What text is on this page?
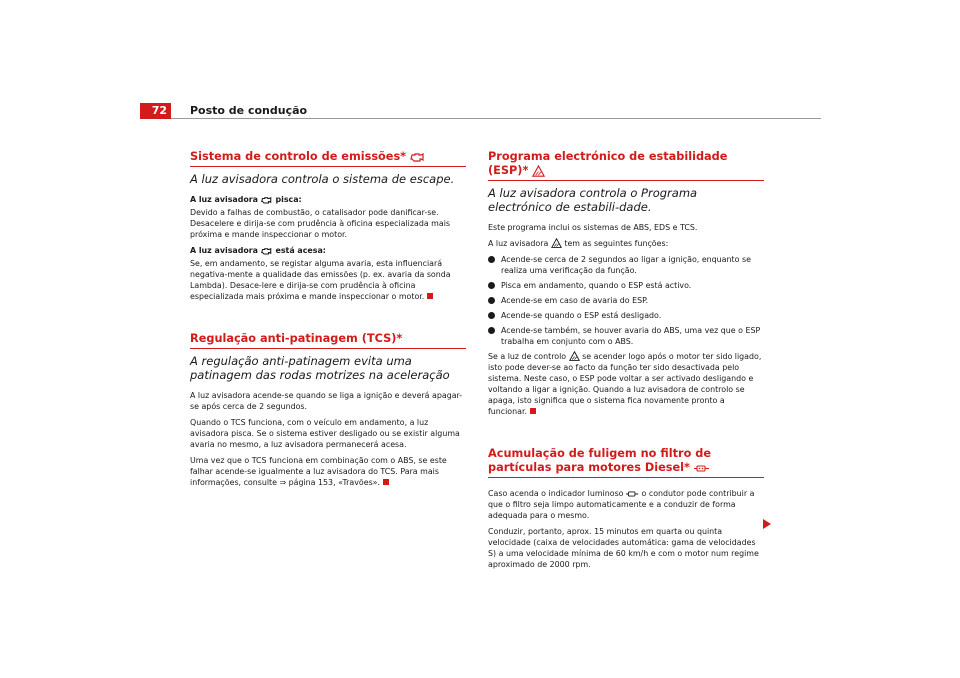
72	Posto de condução
Sistema de controlo de emissões*
A luz avisadora controla o sistema de escape.

A luz avisadora pisca:

Devido a falhas de combustão, o catalisador pode danificar-se. Desacelere e dirija-se com prudência à oficina especializada mais próxima e mande inspeccionar o motor.

A luz avisadora está acesa:

Se, em andamento, se registar alguma avaria, esta influenciará negativa-mente a qualidade das emissões (p. ex. avaria da sonda Lambda). Desace-lere e dirija-se com prudência à oficina especializada mais próxima e mande inspeccionar o motor.

Regulação anti-patinagem (TCS)*
A regulação anti-patinagem evita uma patinagem das rodas motrizes na aceleração

A luz avisadora acende-se quando se liga a ignição e deverá apagar-se após cerca de 2 segundos.

Quando o TCS funciona, com o veículo em andamento, a luz avisadora pisca. Se o sistema estiver desligado ou se existir alguma avaria no mesmo, a luz avisadora permanecerá acesa.

Uma vez que o TCS funciona em combinação com o ABS, se este falhar acende-se igualmente a luz avisadora do TCS. Para mais informações, consulte ⇒ página 153, «Travões».

Programa electrónico de estabilidade (ESP)*
A luz avisadora controla o Programa electrónico de estabili-dade.

Este programa inclui os sistemas de ABS, EDS e TCS.

A luz avisadora tem as seguintes funções:

Acende-se cerca de 2 segundos ao ligar a ignição, enquanto se realiza uma verificação da função.
Pisca em andamento, quando o ESP está activo.
Acende-se em caso de avaria do ESP.
Acende-se quando o ESP está desligado.
Acende-se também, se houver avaria do ABS, uma vez que o ESP trabalha em conjunto com o ABS.

Se a luz de controlo se acender logo após o motor ter sido ligado, isto pode dever-se ao facto da função ter sido desactivada pelo sistema. Neste caso, o ESP pode voltar a ser activado desligando e voltando a ligar a ignição. Quando a luz avisadora de controlo se apaga, isto significa que o sistema fica novamente pronto a funcionar.

Acumulação de fuligem no filtro de partículas para motores Diesel*

Caso acenda o indicador luminoso o condutor pode contribuir a que o filtro seja limpo automaticamente e a conduzir de forma adequada para o mesmo.

Conduzir, portanto, aprox. 15 minutos em quarta ou quinta velocidade (caixa de velocidades automática: gama de velocidades S) a uma velocidade mínima de 60 km/h e com o motor num regime aproximado de 2000 rpm.
